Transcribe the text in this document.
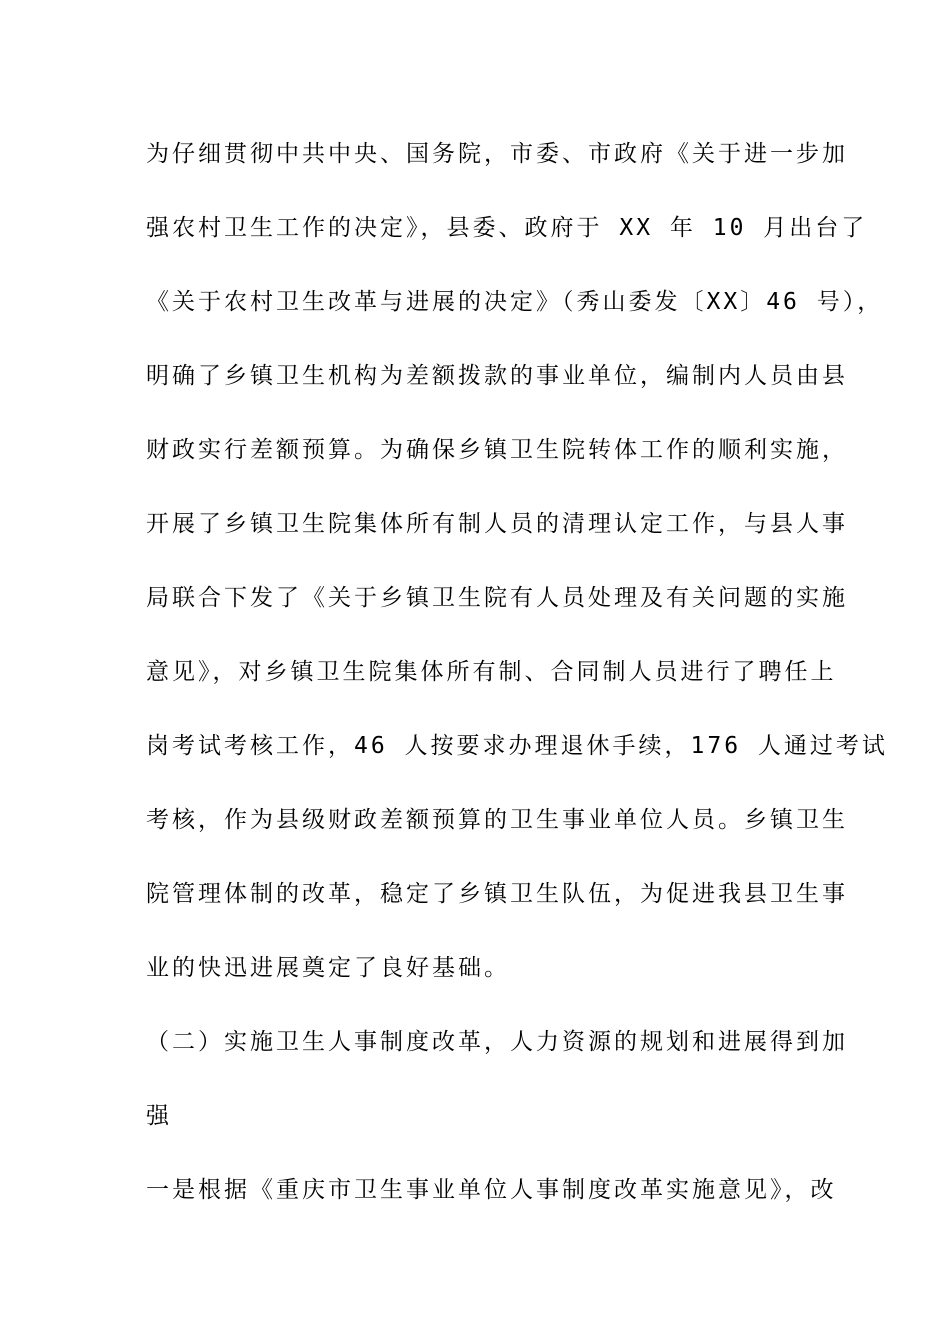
为仔细贯彻中共中央、国务院，市委、市政府《关于进一步加
强农村卫生工作的决定》，县委、政府于 XX 年 10 月出台了
《关于农村卫生改革与进展的决定》（秀山委发〔XX〕46 号），
明确了乡镇卫生机构为差额拨款的事业单位，编制内人员由县
财政实行差额预算。为确保乡镇卫生院转体工作的顺利实施，
开展了乡镇卫生院集体所有制人员的清理认定工作，与县人事
局联合下发了《关于乡镇卫生院有人员处理及有关问题的实施
意见》，对乡镇卫生院集体所有制、合同制人员进行了聘任上
岗考试考核工作，46 人按要求办理退休手续，176 人通过考试
考核，作为县级财政差额预算的卫生事业单位人员。乡镇卫生
院管理体制的改革，稳定了乡镇卫生队伍，为促进我县卫生事
业的快迅进展奠定了良好基础。
（二）实施卫生人事制度改革，人力资源的规划和进展得到加
强
一是根据《重庆市卫生事业单位人事制度改革实施意见》，改
